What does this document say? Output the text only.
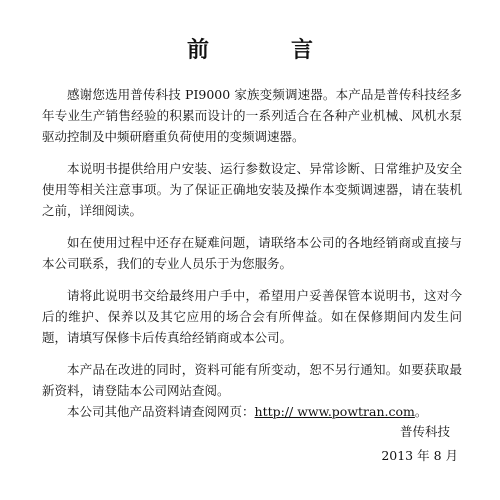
前　言

感谢您选用普传科技 PI9000 家族变频调速器。本产品是普传科技经多年专业生产销售经验的积累而设计的一系列适合在各种产业机械、风机水泵驱动控制及中频研磨重负荷使用的变频调速器。

本说明书提供给用户安装、运行参数设定、异常诊断、日常维护及安全使用等相关注意事项。为了保证正确地安装及操作本变频调速器，请在装机之前，详细阅读。

如在使用过程中还存在疑难问题，请联络本公司的各地经销商或直接与本公司联系，我们的专业人员乐于为您服务。

请将此说明书交给最终用户手中，希望用户妥善保管本说明书，这对今后的维护、保养以及其它应用的场合会有所俾益。如在保修期间内发生问题，请填写保修卡后传真给经销商或本公司。

本产品在改进的同时，资料可能有所变动，恕不另行通知。如要获取最新资料，请登陆本公司网站查阅。

本公司其他产品资料请查阅网页：http:// www.powtran.com。

普传科技
2013 年 8 月
